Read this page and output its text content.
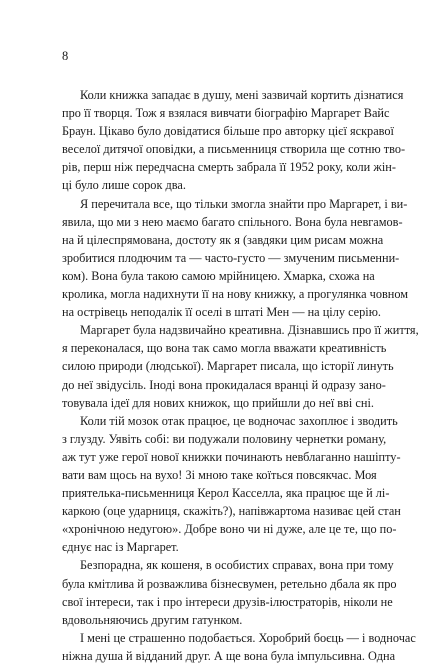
8
Коли книжка западає в душу, мені зазвичай кортить дізнатися
про її творця. Тож я взялася вивчати біографію Маргарет Вайс
Браун. Цікаво було довідатися більше про авторку цієї яскравої
веселої дитячої оповідки, а письменниця створила ще сотню тво-
рів, перш ніж передчасна смерть забрала її 1952 року, коли жін-
ці було лише сорок два.
Я перечитала все, що тільки змогла знайти про Маргарет, і ви-
явила, що ми з нею маємо багато спільного. Вона була невгамов-
на й цілеспрямована, достоту як я (завдяки цим рисам можна
зробитися плодючим та — часто-густо — змученим письменни-
ком). Вона була такою самою мрійницею. Хмарка, схожа на
кролика, могла надихнути її на нову книжку, а прогулянка човном
на острівець неподалік її оселі в штаті Мен — на цілу серію.
Маргарет була надзвичайно креативна. Дізнавшись про її життя,
я переконалася, що вона так само могла вважати креативність
силою природи (людської). Маргарет писала, що історії линуть
до неї звідусіль. Іноді вона прокидалася вранці й одразу зано-
товувала ідеї для нових книжок, що прийшли до неї вві сні.
Коли тій мозок отак працює, це водночас захоплює і зводить
з глузду. Уявіть собі: ви подужали половину чернетки роману,
аж тут уже герої нової книжки починають невблаганно нашіпту-
вати вам щось на вухо! Зі мною таке коїться повсякчас. Моя
приятелька-письменниця Керол Касселла, яка працює ще й лі-
каркою (оце ударниця, скажіть?), напівжартома називає цей стан
«хронічною недугою». Добре воно чи ні дуже, але це те, що по-
єднує нас із Маргарет.
Безпорадна, як кошеня, в особистих справах, вона при тому
була кмітлива й розважлива бізнесвумен, ретельно дбала як про
свої інтереси, так і про інтереси друзів-ілюстраторів, ніколи не
вдовольняючись другим гатунком.
І мені це страшенно подобається. Хоробрий боєць — і водночас
ніжна душа й відданий друг. А ще вона була імпульсивна. Одна
